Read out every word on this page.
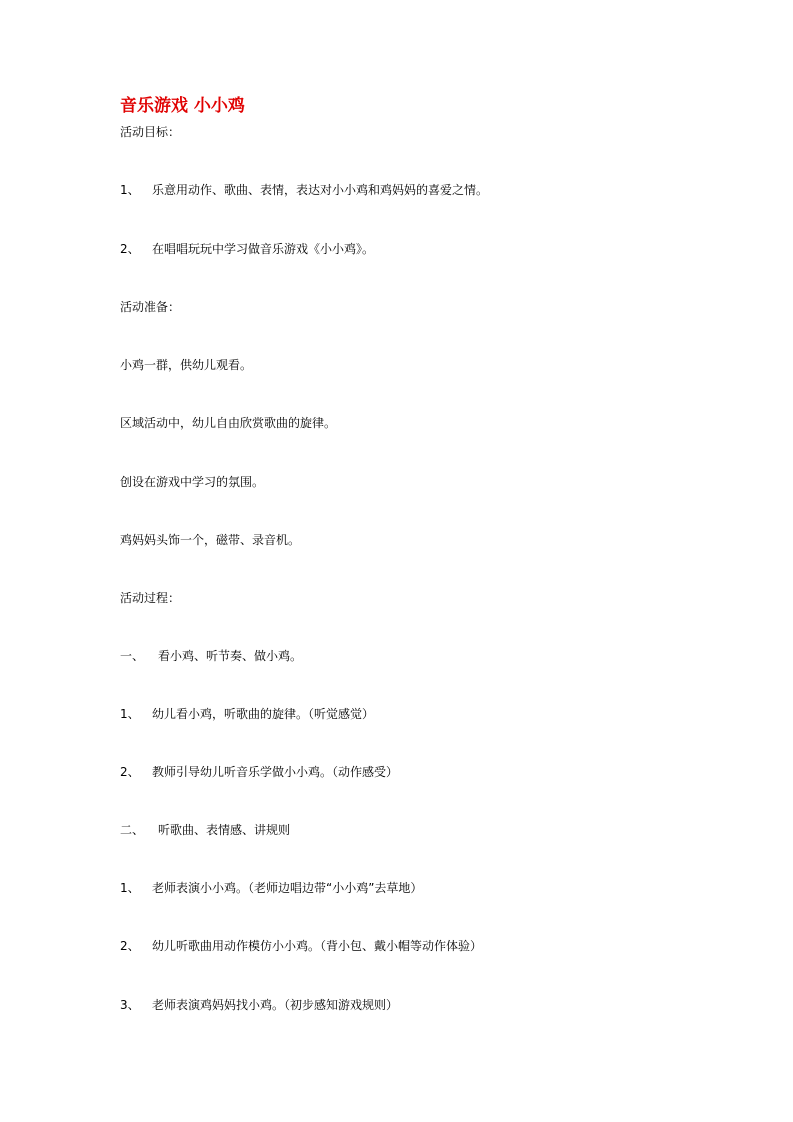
音乐游戏 小小鸡
活动目标：
1、 乐意用动作、歌曲、表情，表达对小小鸡和鸡妈妈的喜爱之情。
2、 在唱唱玩玩中学习做音乐游戏《小小鸡》。
活动准备：
小鸡一群，供幼儿观看。
区域活动中，幼儿自由欣赏歌曲的旋律。
创设在游戏中学习的氛围。
鸡妈妈头饰一个，磁带、录音机。
活动过程：
一、 看小鸡、听节奏、做小鸡。
1、 幼儿看小鸡，听歌曲的旋律。（听觉感觉）
2、 教师引导幼儿听音乐学做小小鸡。（动作感受）
二、 听歌曲、表情感、讲规则
1、 老师表演小小鸡。（老师边唱边带“小小鸡”去草地）
2、 幼儿听歌曲用动作模仿小小鸡。（背小包、戴小帽等动作体验）
3、 老师表演鸡妈妈找小鸡。（初步感知游戏规则）
